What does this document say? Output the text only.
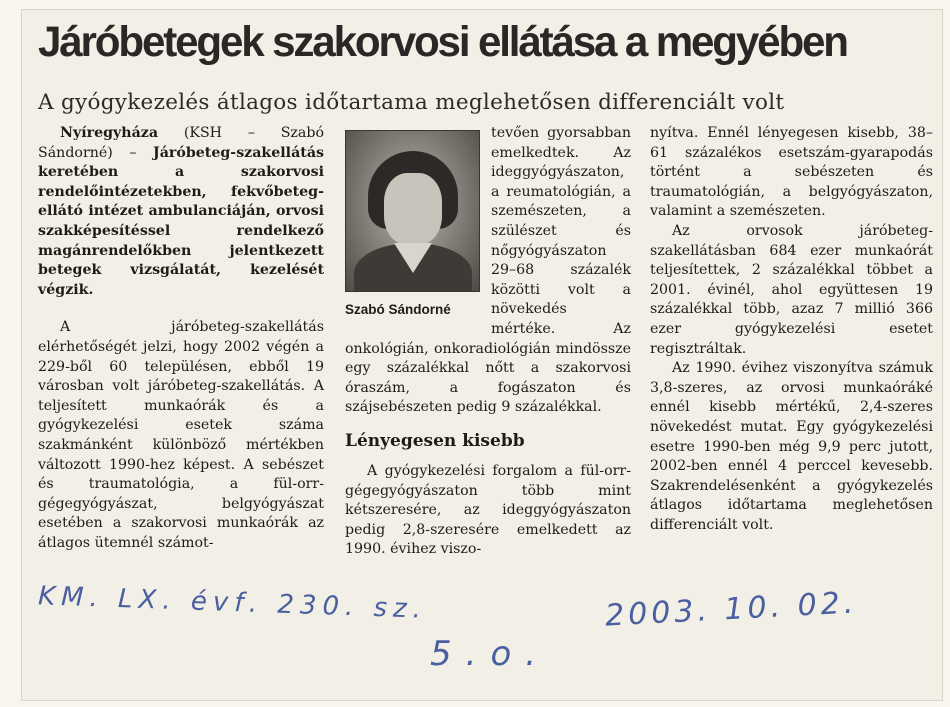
Járóbetegek szakorvosi ellátása a megyében
A gyógykezelés átlagos időtartama meglehetősen differenciált volt

Nyíregyháza (KSH – Szabó Sándorné) – Járóbeteg-szakellátás keretében a szakorvosi rendelőintézetekben, fekvőbeteg-ellátó intézet ambulanciáján, orvosi szakképesítéssel rendelkező magánrendelőkben jelentkezett betegek vizsgálatát, kezelését végzik.

A járóbeteg-szakellátás elérhetőségét jelzi, hogy 2002 végén a 229-ből 60 településen, ebből 19 városban volt járóbeteg-szakellátás. A teljesített munkaórák és a gyógykezelési esetek száma szakmánként különböző mértékben változott 1990-hez képest. A sebészet és traumatológia, a fül-orr-gégegyógyászat, belgyógyászat esetében a szakorvosi munkaórák az átlagos ütemnél számot-

Szabó Sándorné

tevően gyorsabban emelkedtek. Az ideggyógyászaton, a reumatológián, a szemészeten, a szülészet és nőgyógyászaton 29–68 százalék közötti volt a növekedés mértéke. Az onkológián, onkoradiológián mindössze egy százalékkal nőtt a szakorvosi óraszám, a fogászaton és szájsebészeten pedig 9 százalékkal.

Lényegesen kisebb

A gyógykezelési forgalom a fül-orr-gégegyógyászaton több mint kétszeresére, az ideggyógyászaton pedig 2,8-szeresére emelkedett az 1990. évihez viszo-

nyítva. Ennél lényegesen kisebb, 38–61 százalékos esetszám-gyarapodás történt a sebészeten és traumatológián, a belgyógyászaton, valamint a szemészeten.

Az orvosok járóbeteg-szakellátásban 684 ezer munkaórát teljesítettek, 2 százalékkal többet a 2001. évinél, ahol együttesen 19 százalékkal több, azaz 7 millió 366 ezer gyógykezelési esetet regisztráltak.

Az 1990. évihez viszonyítva számuk 3,8-szeres, az orvosi munkaóráké ennél kisebb mértékű, 2,4-szeres növekedést mutat. Egy gyógykezelési esetre 1990-ben még 9,9 perc jutott, 2002-ben ennél 4 perccel kevesebb. Szakrendelésenként a gyógykezelés átlagos időtartama meglehetősen differenciált volt.

KM. LX. évf. 230. sz.	2003. 10. 02.
5.o.
